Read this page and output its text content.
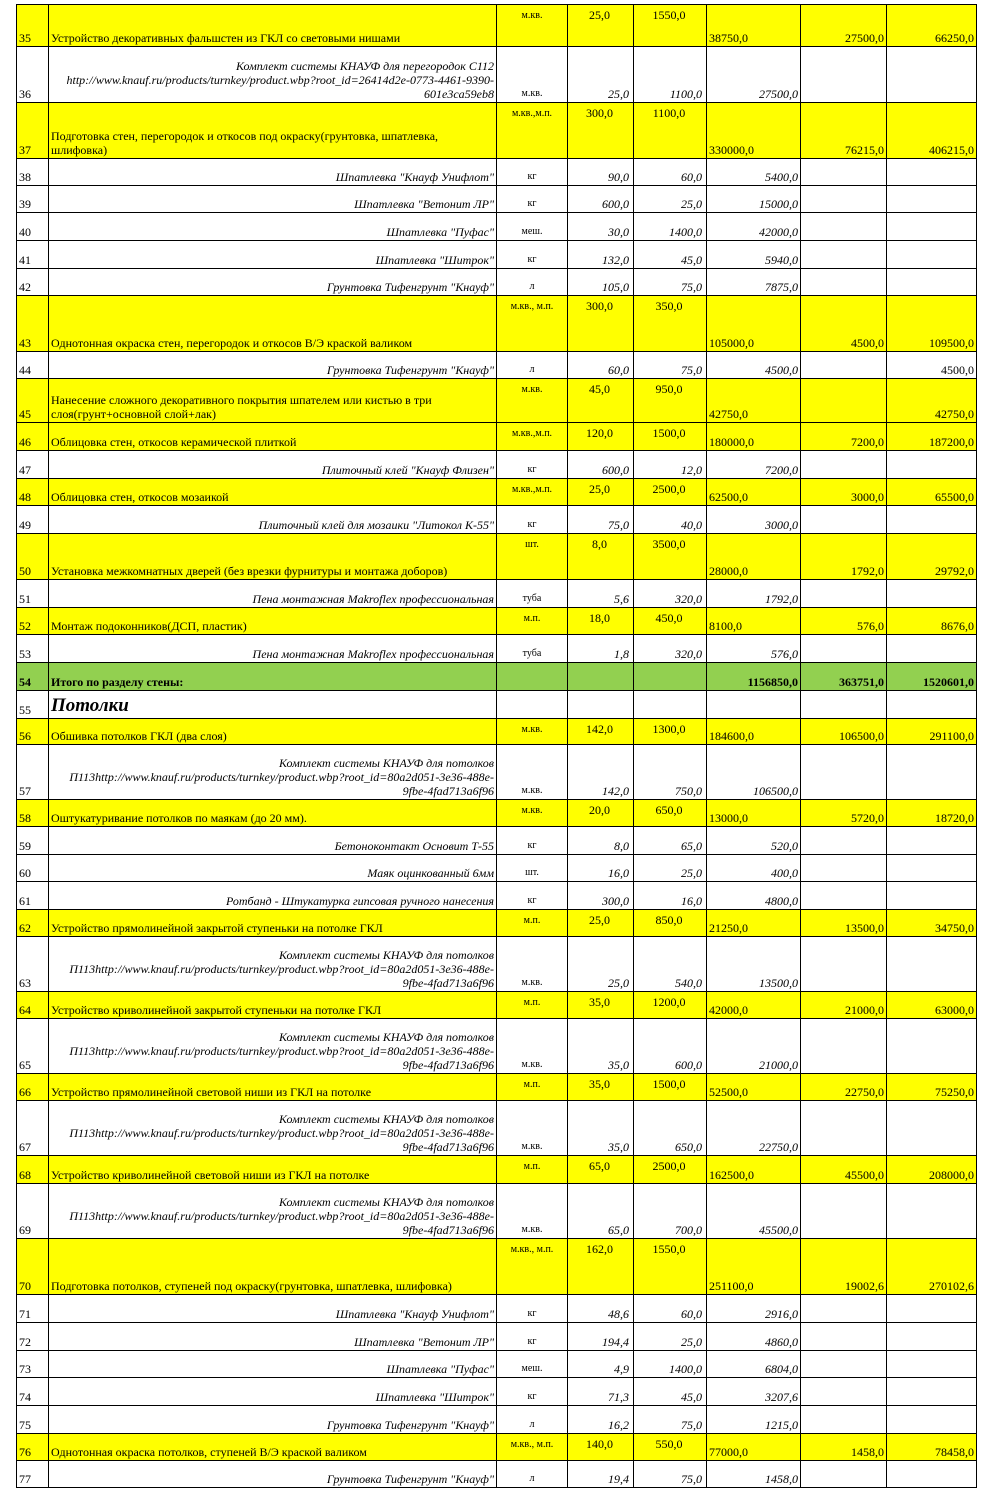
35	Устройство декоративных фальшстен из ГКЛ со световыми нишами	м.кв.	25,0	1550,0	38750,0	27500,0	66250,0
36	Комплект системы КНАУФ для перегородок С112 http://www.knauf.ru/products/turnkey/product.wbp?root_id=26414d2e-0773-4461-9390-601e3ca59eb8	м.кв.	25,0	1100,0	27500,0		
37	Подготовка стен, перегородок и откосов под окраску(грунтовка, шпатлевка, шлифовка)	м.кв.,м.п.	300,0	1100,0	330000,0	76215,0	406215,0
38	Шпатлевка "Кнауф Унифлот"	кг	90,0	60,0	5400,0		
39	Шпатлевка "Ветонит ЛР"	кг	600,0	25,0	15000,0		
40	Шпатлевка "Пуфас"	меш.	30,0	1400,0	42000,0		
41	Шпатлевка "Шитрок"	кг	132,0	45,0	5940,0		
42	Грунтовка Тифенгрунт "Кнауф"	л	105,0	75,0	7875,0		
43	Однотонная окраска стен, перегородок и откосов В/Э краской валиком	м.кв., м.п.	300,0	350,0	105000,0	4500,0	109500,0
44	Грунтовка Тифенгрунт "Кнауф"	л	60,0	75,0	4500,0		4500,0
45	Нанесение сложного декоративного покрытия шпателем или кистью в три слоя(грунт+основной слой+лак)	м.кв.	45,0	950,0	42750,0		42750,0
46	Облицовка стен, откосов керамической плиткой	м.кв.,м.п.	120,0	1500,0	180000,0	7200,0	187200,0
47	Плиточный клей "Кнауф Флизен"	кг	600,0	12,0	7200,0		
48	Облицовка стен, откосов мозаикой	м.кв.,м.п.	25,0	2500,0	62500,0	3000,0	65500,0
49	Плиточный клей для мозаики "Литокол К-55"	кг	75,0	40,0	3000,0		
50	Установка межкомнатных дверей (без врезки фурнитуры и монтажа доборов)	шт.	8,0	3500,0	28000,0	1792,0	29792,0
51	Пена монтажная Makroflex профессиональная	туба	5,6	320,0	1792,0		
52	Монтаж подоконников(ДСП, пластик)	м.п.	18,0	450,0	8100,0	576,0	8676,0
53	Пена монтажная Makroflex профессиональная	туба	1,8	320,0	576,0		
54	Итого по разделу стены:				1156850,0	363751,0	1520601,0
55	Потолки						
56	Обшивка потолков ГКЛ (два слоя)	м.кв.	142,0	1300,0	184600,0	106500,0	291100,0
57	Комплект системы КНАУФ для потолков П113http://www.knauf.ru/products/turnkey/product.wbp?root_id=80a2d051-3e36-488e-9fbe-4fad713a6f96	м.кв.	142,0	750,0	106500,0		
58	Оштукатуривание потолков по маякам (до 20 мм).	м.кв.	20,0	650,0	13000,0	5720,0	18720,0
59	Бетоноконтакт Основит Т-55	кг	8,0	65,0	520,0		
60	Маяк оцинкованный 6мм	шт.	16,0	25,0	400,0		
61	Ротбанд - Штукатурка гипсовая ручного нанесения	кг	300,0	16,0	4800,0		
62	Устройство прямолинейной закрытой ступеньки на потолке ГКЛ	м.п.	25,0	850,0	21250,0	13500,0	34750,0
63	Комплект системы КНАУФ для потолков П113http://www.knauf.ru/products/turnkey/product.wbp?root_id=80a2d051-3e36-488e-9fbe-4fad713a6f96	м.кв.	25,0	540,0	13500,0		
64	Устройство криволинейной закрытой ступеньки на потолке ГКЛ	м.п.	35,0	1200,0	42000,0	21000,0	63000,0
65	Комплект системы КНАУФ для потолков П113http://www.knauf.ru/products/turnkey/product.wbp?root_id=80a2d051-3e36-488e-9fbe-4fad713a6f96	м.кв.	35,0	600,0	21000,0		
66	Устройство прямолинейной световой ниши из ГКЛ на потолке	м.п.	35,0	1500,0	52500,0	22750,0	75250,0
67	Комплект системы КНАУФ для потолков П113http://www.knauf.ru/products/turnkey/product.wbp?root_id=80a2d051-3e36-488e-9fbe-4fad713a6f96	м.кв.	35,0	650,0	22750,0		
68	Устройство криволинейной световой ниши из ГКЛ на потолке	м.п.	65,0	2500,0	162500,0	45500,0	208000,0
69	Комплект системы КНАУФ для потолков П113http://www.knauf.ru/products/turnkey/product.wbp?root_id=80a2d051-3e36-488e-9fbe-4fad713a6f96	м.кв.	65,0	700,0	45500,0		
70	Подготовка потолков, ступеней под окраску(грунтовка, шпатлевка, шлифовка)	м.кв., м.п.	162,0	1550,0	251100,0	19002,6	270102,6
71	Шпатлевка "Кнауф Унифлот"	кг	48,6	60,0	2916,0		
72	Шпатлевка "Ветонит ЛР"	кг	194,4	25,0	4860,0		
73	Шпатлевка "Пуфас"	меш.	4,9	1400,0	6804,0		
74	Шпатлевка "Шитрок"	кг	71,3	45,0	3207,6		
75	Грунтовка Тифенгрунт "Кнауф"	л	16,2	75,0	1215,0		
76	Однотонная окраска потолков, ступеней В/Э краской валиком	м.кв., м.п.	140,0	550,0	77000,0	1458,0	78458,0
77	Грунтовка Тифенгрунт "Кнауф"	л	19,4	75,0	1458,0		
